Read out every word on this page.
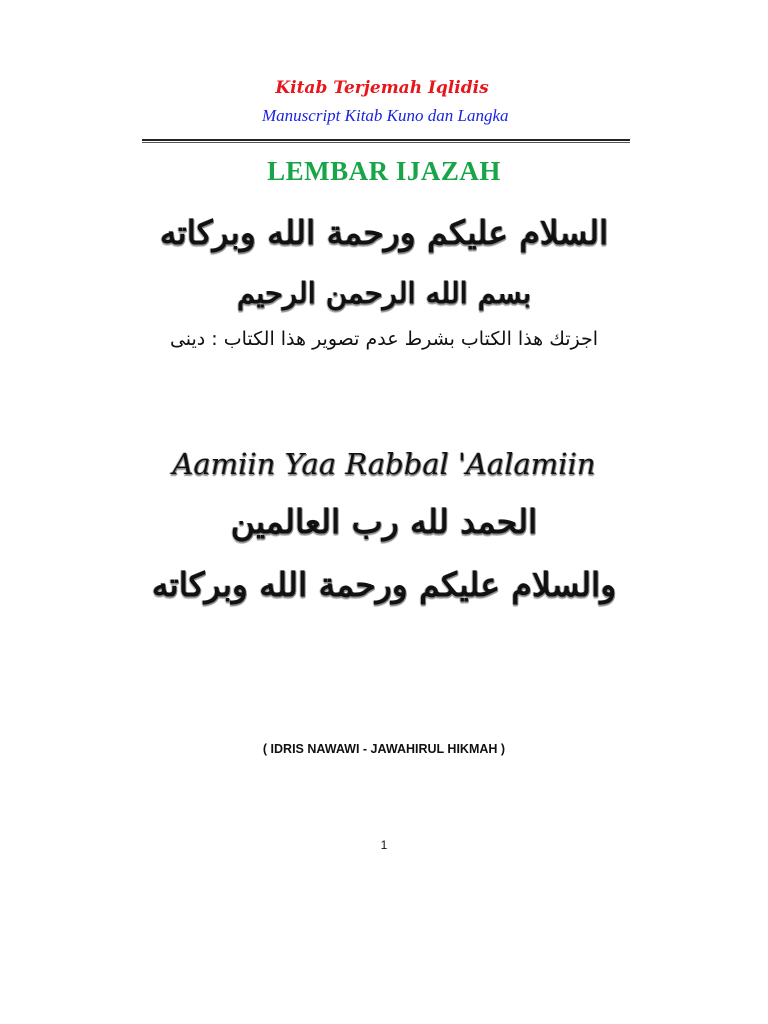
Kitab Terjemah Iqlidis
Manuscript Kitab Kuno dan Langka
LEMBAR IJAZAH
السلام عليكم ورحمة الله وبركاته
بسم الله الرحمن الرحيم
اجزتك هذا الكتاب بشرط عدم تصوير هذا الكتاب : دينى
Aamiin Yaa Rabbal 'Aalamiin
الحمد لله رب العالمين
والسلام عليكم ورحمة الله وبركاته
( IDRIS NAWAWI - JAWAHIRUL HIKMAH )
1
